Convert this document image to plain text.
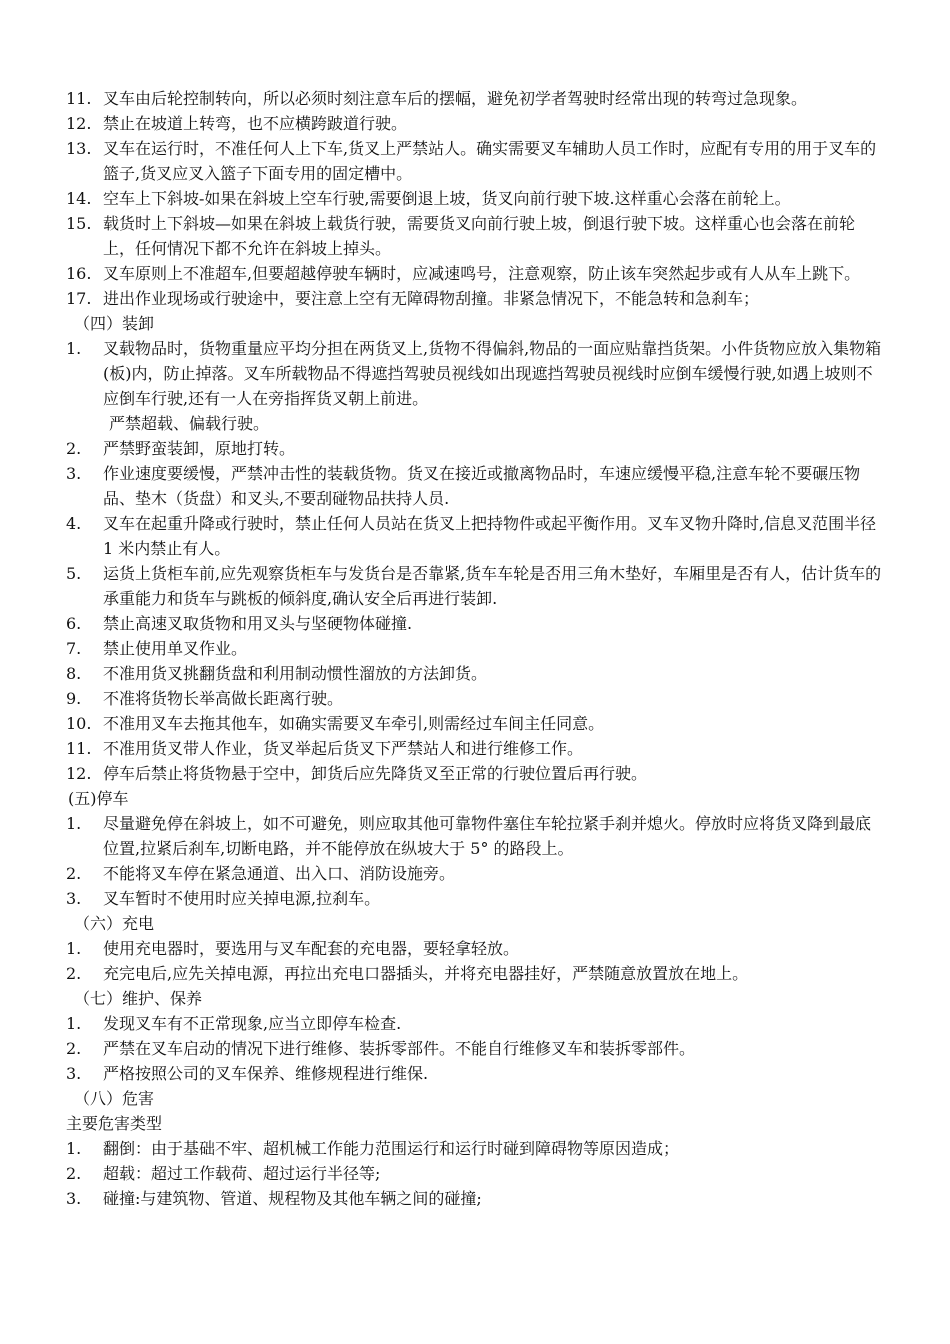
11. 叉车由后轮控制转向，所以必须时刻注意车后的摆幅，避免初学者驾驶时经常出现的转弯过急现象。
12. 禁止在坡道上转弯，也不应横跨跛道行驶。
13. 叉车在运行时，不准任何人上下车,货叉上严禁站人。确实需要叉车辅助人员工作时，应配有专用的用于叉车的篮子,货叉应叉入篮子下面专用的固定槽中。
14. 空车上下斜坡-如果在斜坡上空车行驶,需要倒退上坡，货叉向前行驶下坡.这样重心会落在前轮上。
15. 载货时上下斜坡—如果在斜坡上载货行驶，需要货叉向前行驶上坡，倒退行驶下坡。这样重心也会落在前轮上，任何情况下都不允许在斜坡上掉头。
16. 叉车原则上不准超车,但要超越停驶车辆时，应减速鸣号，注意观察，防止该车突然起步或有人从车上跳下。
17. 进出作业现场或行驶途中，要注意上空有无障碍物刮撞。非紧急情况下，不能急转和急刹车；
（四）装卸
1.	叉载物品时，货物重量应平均分担在两货叉上,货物不得偏斜,物品的一面应贴靠挡货架。小件货物应放入集物箱(板)内，防止掉落。叉车所载物品不得遮挡驾驶员视线如出现遮挡驾驶员视线时应倒车缓慢行驶,如遇上坡则不应倒车行驶,还有一人在旁指挥货叉朝上前进。
严禁超载、偏载行驶。
2.	严禁野蛮装卸，原地打转。
3.	作业速度要缓慢，严禁冲击性的装载货物。货叉在接近或撤离物品时，车速应缓慢平稳,注意车轮不要碾压物品、垫木（货盘）和叉头,不要刮碰物品扶持人员.
4.	叉车在起重升降或行驶时，禁止任何人员站在货叉上把持物件或起平衡作用。叉车叉物升降时,信息叉范围半径 1 米内禁止有人。
5.	运货上货柜车前,应先观察货柜车与发货台是否靠紧,货车车轮是否用三角木垫好，车厢里是否有人，估计货车的承重能力和货车与跳板的倾斜度,确认安全后再进行装卸.
6.	禁止高速叉取货物和用叉头与坚硬物体碰撞.
7.	禁止使用单叉作业。
8.	不准用货叉挑翻货盘和利用制动惯性溜放的方法卸货。
9.	不准将货物长举高做长距离行驶。
10. 不准用叉车去拖其他车，如确实需要叉车牵引,则需经过车间主任同意。
11. 不准用货叉带人作业，货叉举起后货叉下严禁站人和进行维修工作。
12. 停车后禁止将货物悬于空中，卸货后应先降货叉至正常的行驶位置后再行驶。
(五)停车
1.	尽量避免停在斜坡上，如不可避免，则应取其他可靠物件塞住车轮拉紧手刹并熄火。停放时应将货叉降到最底位置,拉紧后刹车,切断电路，并不能停放在纵坡大于 5° 的路段上。
2.	不能将叉车停在紧急通道、出入口、消防设施旁。
3.	叉车暂时不使用时应关掉电源,拉刹车。
（六）充电
1.	使用充电器时，要选用与叉车配套的充电器，要轻拿轻放。
2.	充完电后,应先关掉电源，再拉出充电口器插头，并将充电器挂好，严禁随意放置放在地上。
（七）维护、保养
1.	发现叉车有不正常现象,应当立即停车检查.
2.	严禁在叉车启动的情况下进行维修、装拆零部件。不能自行维修叉车和装拆零部件。
3.	严格按照公司的叉车保养、维修规程进行维保.
（八）危害
主要危害类型
1.	翻倒：由于基础不牢、超机械工作能力范围运行和运行时碰到障碍物等原因造成；
2.	超载：超过工作载荷、超过运行半径等;
3.	碰撞:与建筑物、管道、规程物及其他车辆之间的碰撞;
